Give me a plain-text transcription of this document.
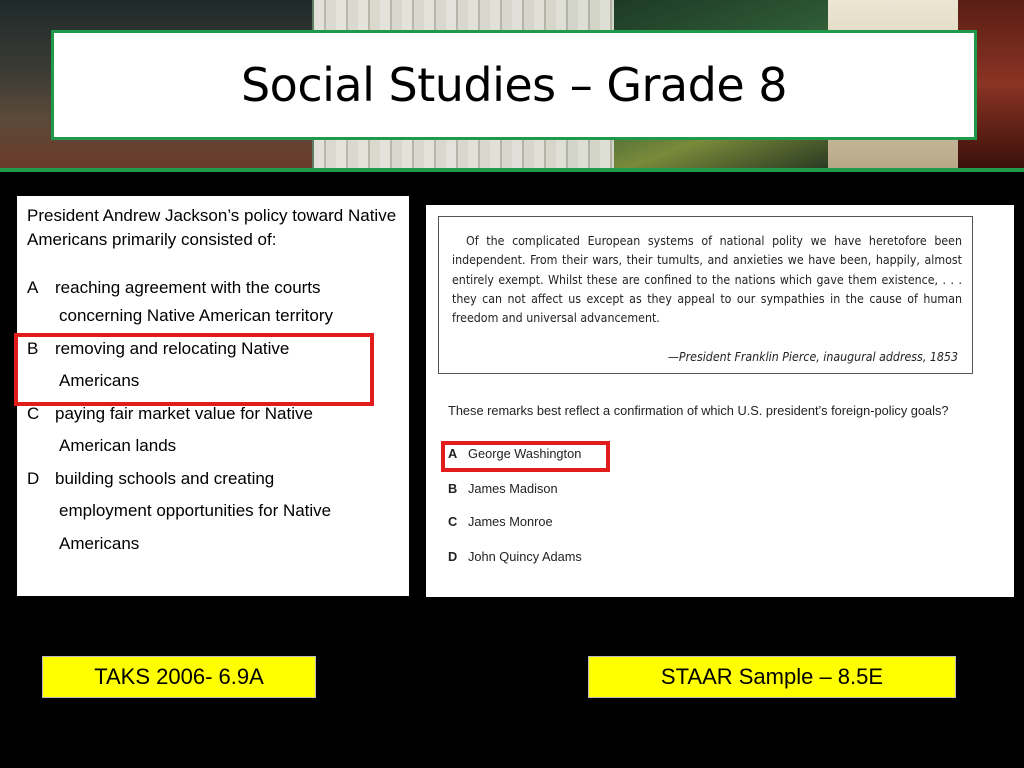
Social Studies – Grade 8
President Andrew Jackson’s policy toward Native Americans primarily consisted of:
A reaching agreement with the courts
concerning Native American territory
B removing and relocating Native
Americans
C paying fair market value for Native
American lands
D building schools and creating
employment opportunities for Native
Americans
Of the complicated European systems of national polity we have heretofore been independent. From their wars, their tumults, and anxieties we have been, happily, almost entirely exempt. Whilst these are confined to the nations which gave them existence, . . . they can not affect us except as they appeal to our sympathies in the cause of human freedom and universal advancement.
—President Franklin Pierce, inaugural address, 1853
These remarks best reflect a confirmation of which U.S. president’s foreign-policy goals?
A George Washington
B James Madison
C James Monroe
D John Quincy Adams
TAKS 2006- 6.9A	STAAR Sample – 8.5E
